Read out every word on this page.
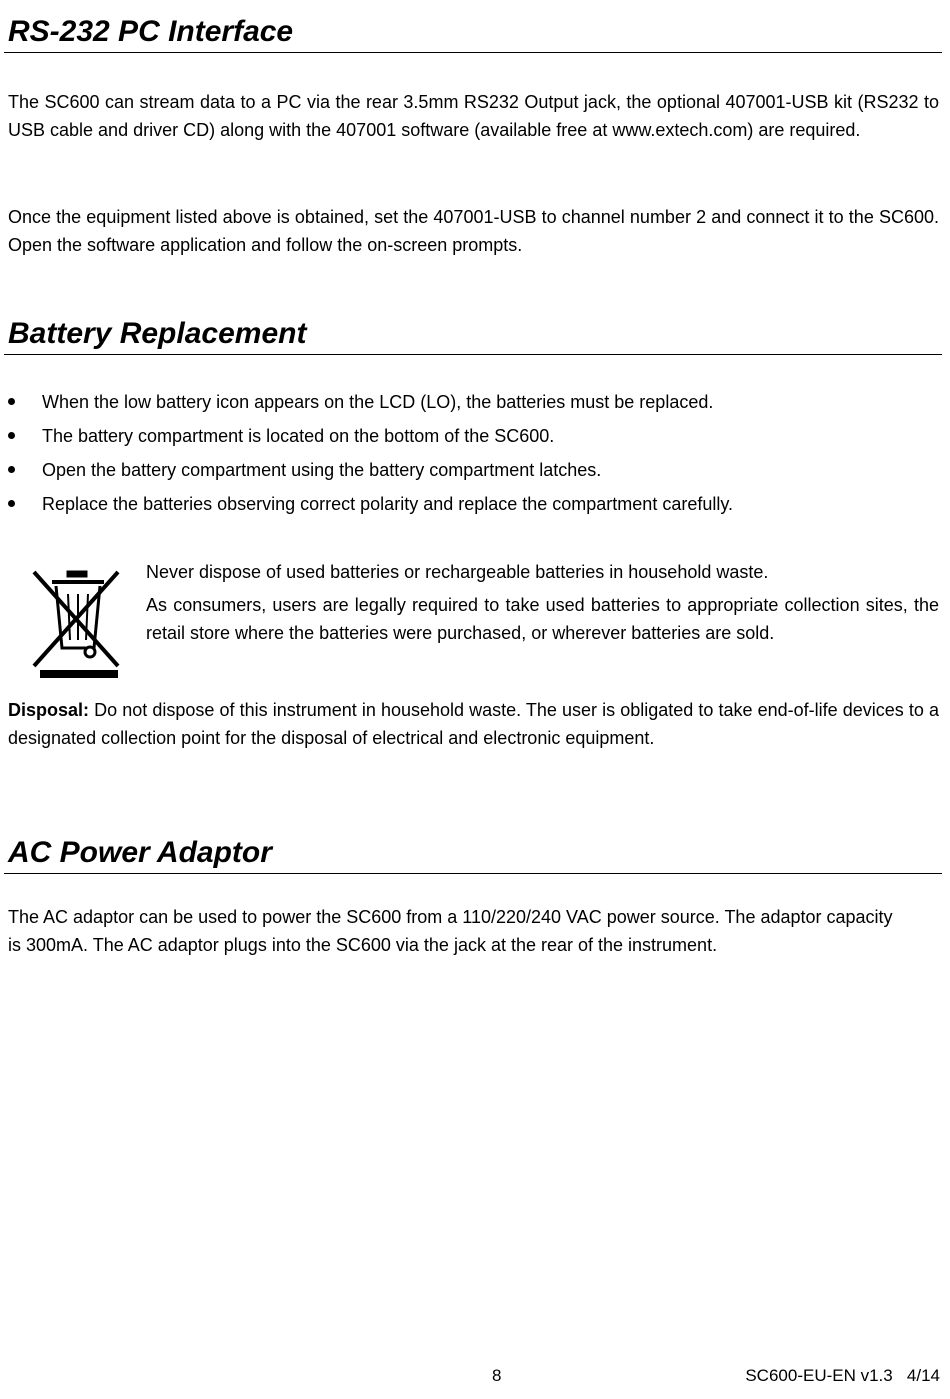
RS-232 PC Interface

The SC600 can stream data to a PC via the rear 3.5mm RS232 Output jack, the optional 407001-USB kit (RS232 to USB cable and driver CD) along with the 407001 software (available free at www.extech.com) are required.

Once the equipment listed above is obtained, set the 407001-USB to channel number 2 and connect it to the SC600. Open the software application and follow the on-screen prompts.

Battery Replacement
When the low battery icon appears on the LCD (LO), the batteries must be replaced.
The battery compartment is located on the bottom of the SC600.
Open the battery compartment using the battery compartment latches.
Replace the batteries observing correct polarity and replace the compartment carefully.

Never dispose of used batteries or rechargeable batteries in household waste.

As consumers, users are legally required to take used batteries to appropriate collection sites, the retail store where the batteries were purchased, or wherever batteries are sold.

Disposal: Do not dispose of this instrument in household waste. The user is obligated to take end-of-life devices to a designated collection point for the disposal of electrical and electronic equipment.

AC Power Adaptor

The AC adaptor can be used to power the SC600 from a 110/220/240 VAC power source. The adaptor capacity is 300mA. The AC adaptor plugs into the SC600 via the jack at the rear of the instrument.

8	SC600-EU-EN v1.3   4/14
